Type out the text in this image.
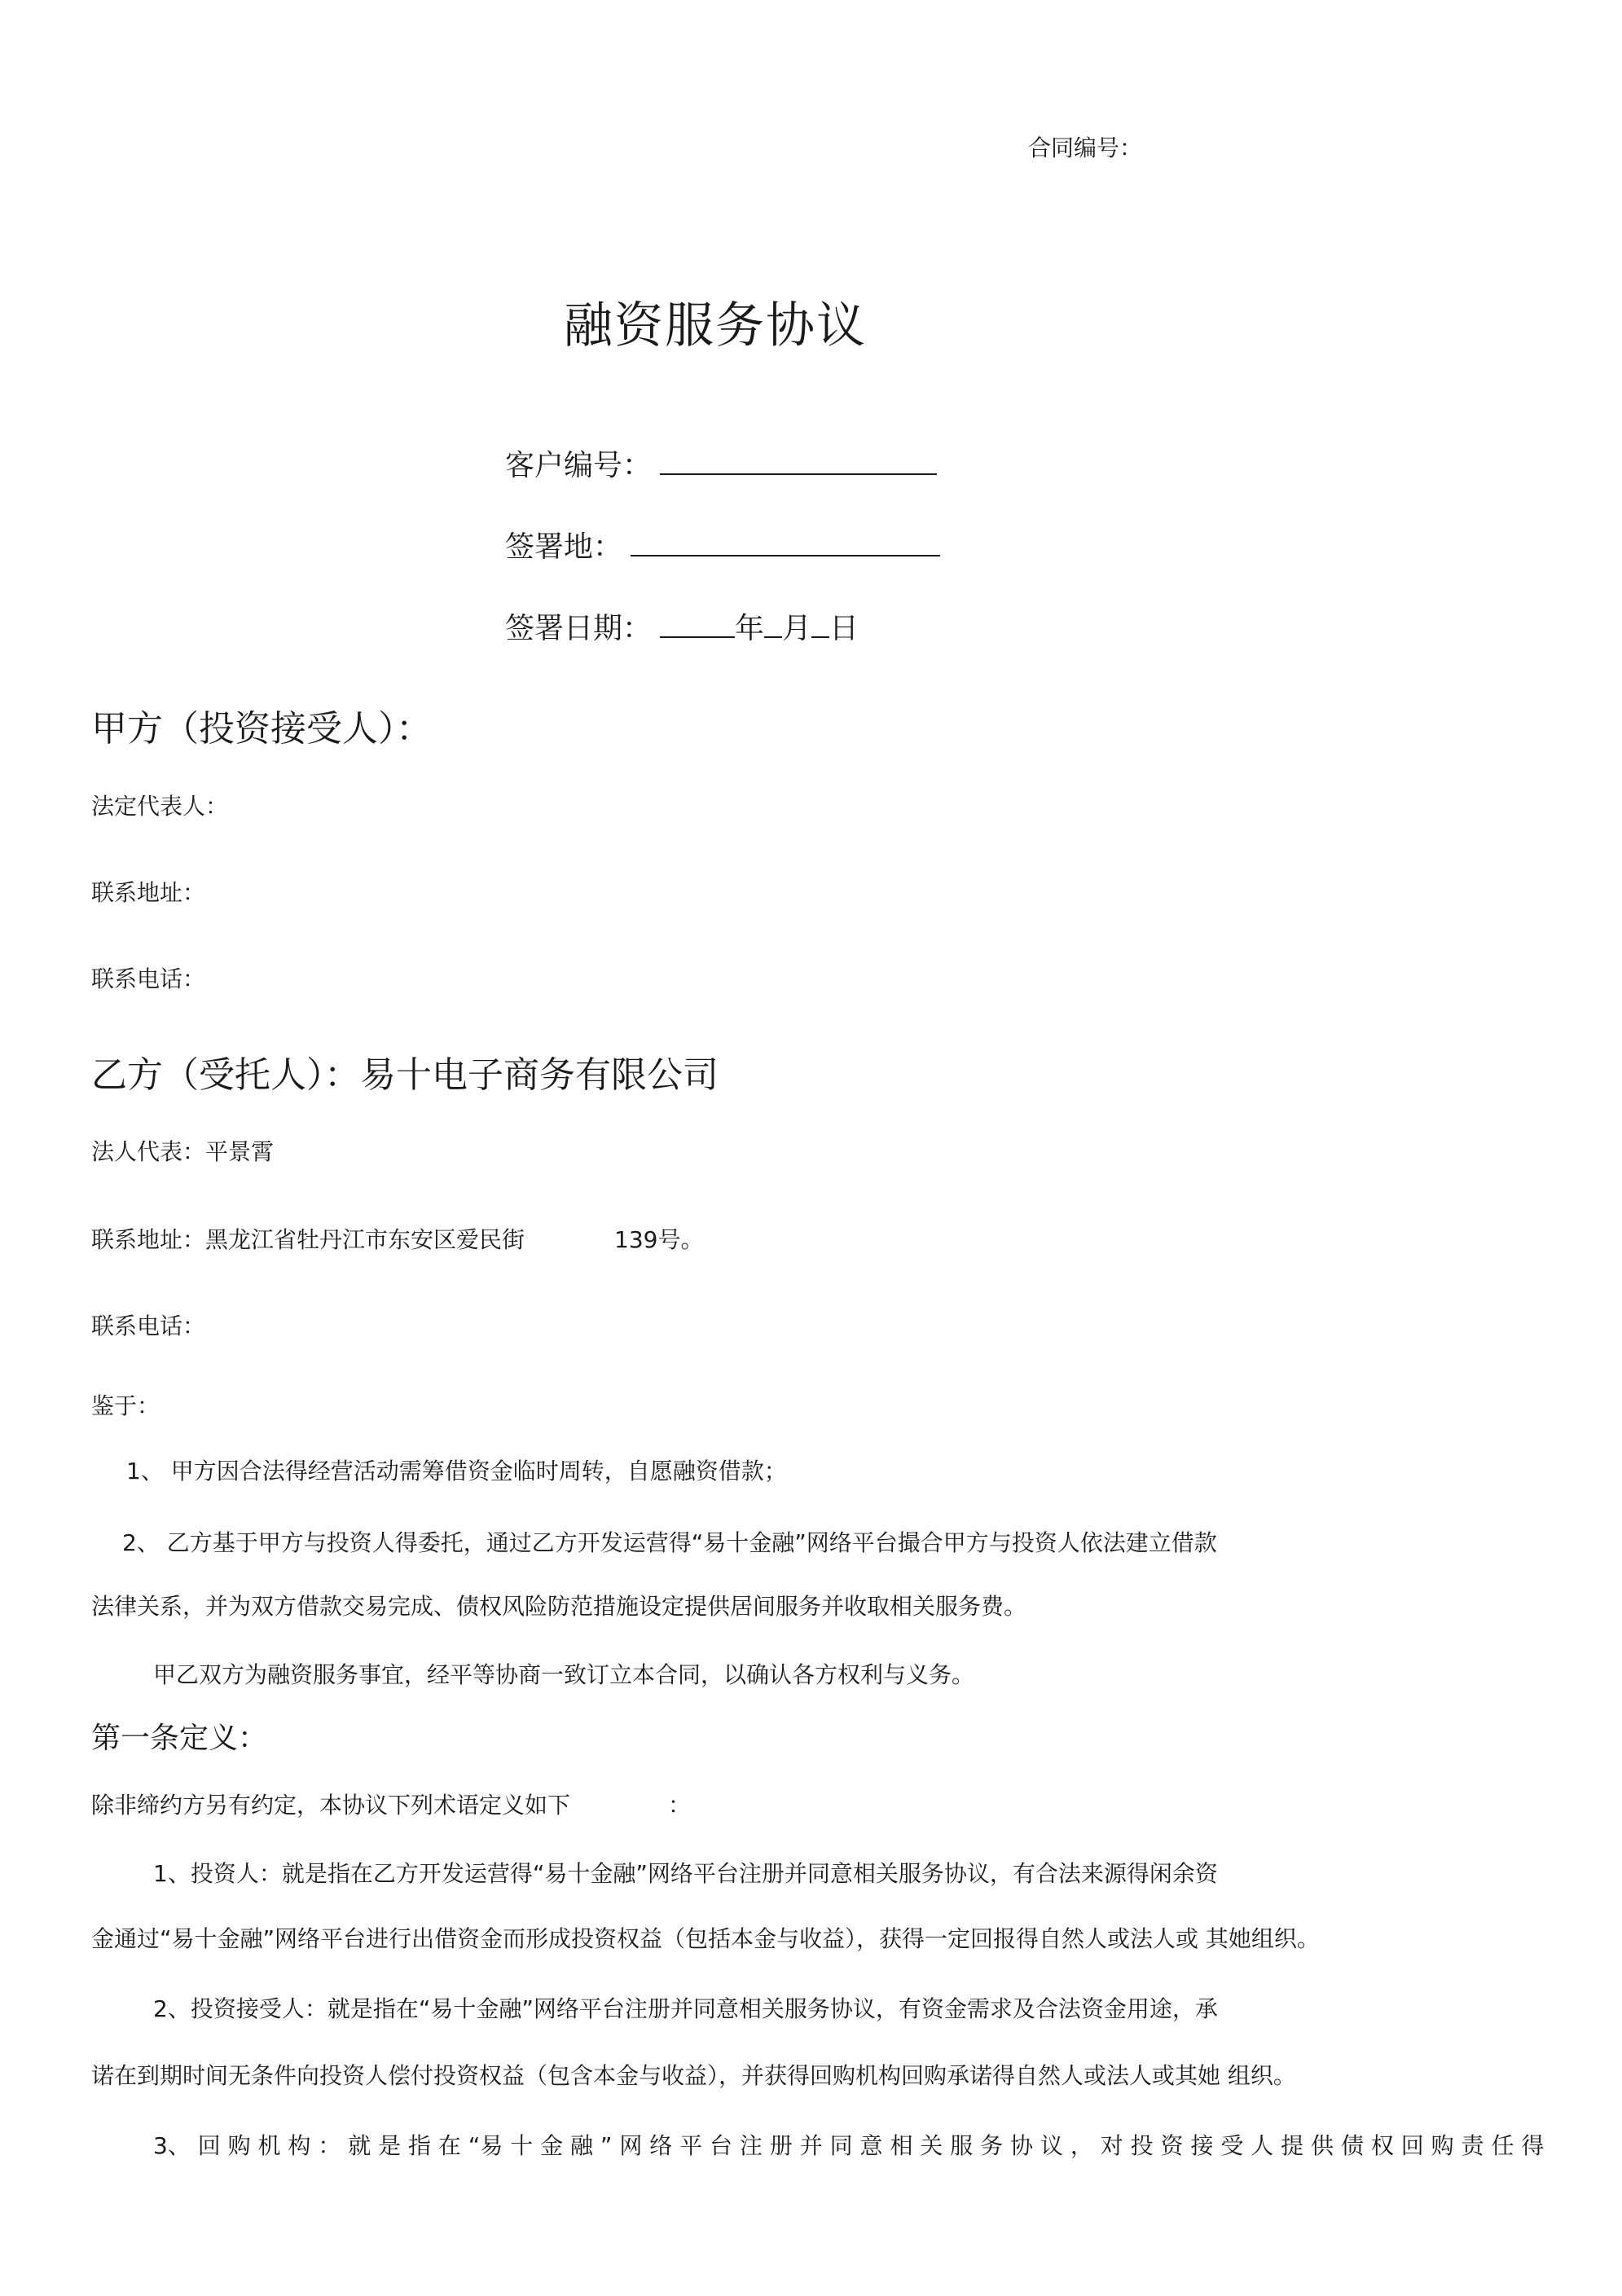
合同编号：
融资服务协议
客户编号：
签署地：
签署日期：	年 月 日
甲方（投资接受人）：
法定代表人：
联系地址：
联系电话：
乙方（受托人）：易十电子商务有限公司
法人代表：平景霄
联系地址：黑龙江省牡丹江市东安区爱民街	139号。
联系电话：
鉴于：
1、 甲方因合法得经营活动需筹借资金临时周转，自愿融资借款；
2、 乙方基于甲方与投资人得委托，通过乙方开发运营得“易十金融”网络平台撮合甲方与投资人依法建立借款
法律关系，并为双方借款交易完成、债权风险防范措施设定提供居间服务并收取相关服务费。
甲乙双方为融资服务事宜，经平等协商一致订立本合同，以确认各方权利与义务。
第一条定义：
除非缔约方另有约定，本协议下列术语定义如下	：
1、投资人：就是指在乙方开发运营得“易十金融”网络平台注册并同意相关服务协议，有合法来源得闲余资
金通过“易十金融”网络平台进行出借资金而形成投资权益（包括本金与收益），获得一定回报得自然人或法人或 其她组织。
2、投资接受人：就是指在“易十金融”网络平台注册并同意相关服务协议，有资金需求及合法资金用途，承
诺在到期时间无条件向投资人偿付投资权益（包含本金与收益），并获得回购机构回购承诺得自然人或法人或其她 组织。
3、 回 购 机 构 ： 就 是 指 在 “易 十 金 融 ” 网 络 平 台 注 册 并 同 意 相 关 服 务 协 议 ， 对 投 资 接 受 人 提 供 债 权 回 购 责 任 得
